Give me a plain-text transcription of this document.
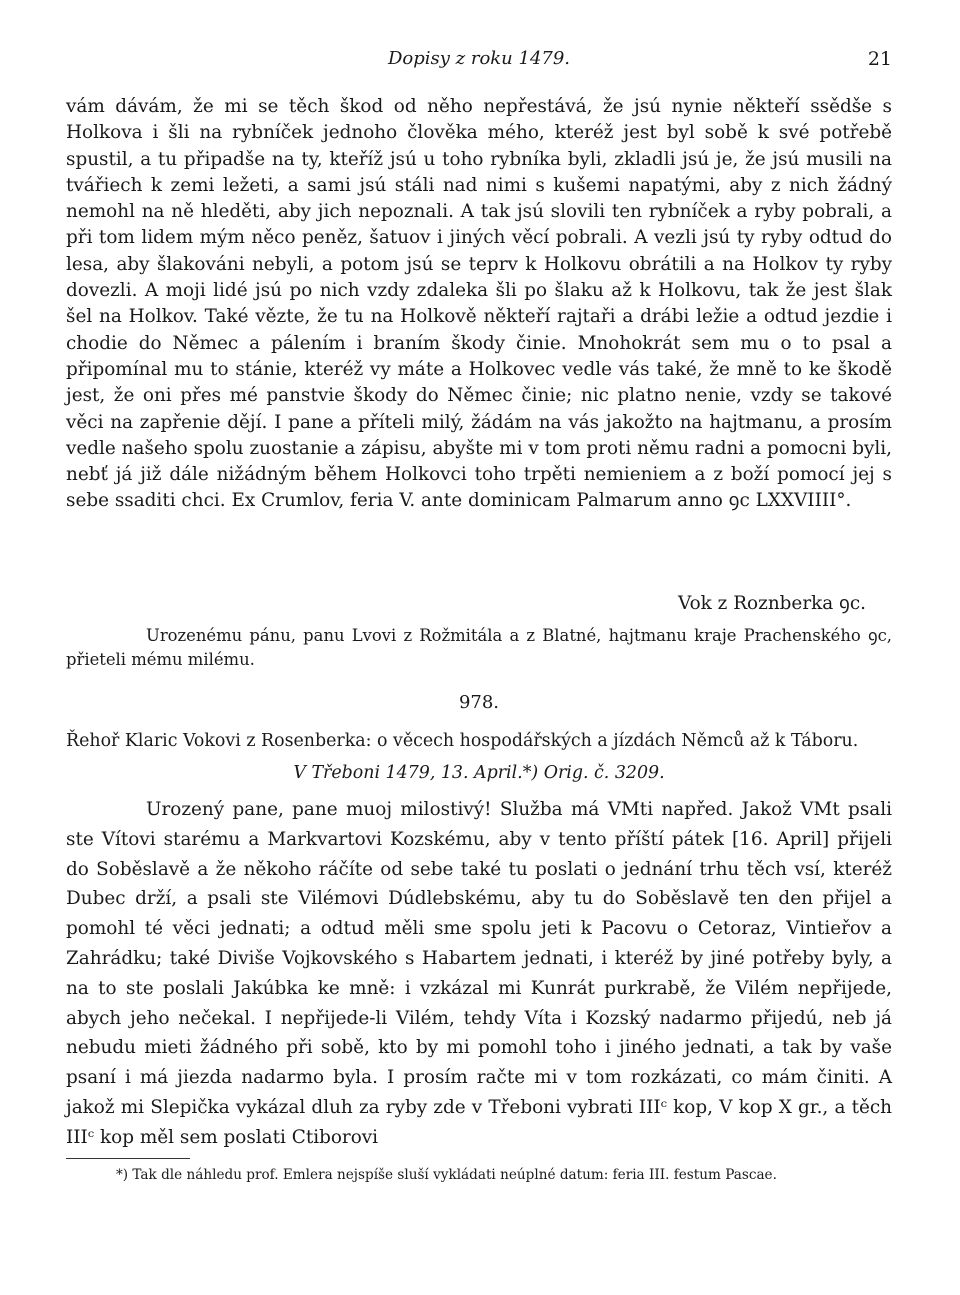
Dopisy z roku 1479.	21
vám dávám, že mi se těch škod od něho nepřestává, že jsú nynie někteří ssědše s Holkova i šli na rybníček jednoho člověka mého, kteréž jest byl sobě k své potřebě spustil, a tu připadše na ty, kteříž jsú u toho rybníka byli, zkladli jsú je, že jsú musili na tvářiech k zemi ležeti, a sami jsú stáli nad nimi s kušemi napatými, aby z nich žádný nemohl na ně hleděti, aby jich nepoznali. A tak jsú slovili ten rybníček a ryby pobrali, a při tom lidem mým něco peněz, šatuov i jiných věcí pobrali. A vezli jsú ty ryby odtud do lesa, aby šlakováni nebyli, a potom jsú se teprv k Holkovu obrátili a na Holkov ty ryby dovezli. A moji lidé jsú po nich vzdy zdaleka šli po šlaku až k Holkovu, tak že jest šlak šel na Holkov. Také vězte, že tu na Holkově někteří rajtaři a drábi ležie a odtud jezdie i chodie do Němec a pálením i braním škody činie. Mnohokrát sem mu o to psal a připomínal mu to stánie, kteréž vy máte a Holkovec vedle vás také, že mně to ke škodě jest, že oni přes mé panstvie škody do Němec činie; nic platno nenie, vzdy se takové věci na zapřenie dějí. I pane a příteli milý, žádám na vás jakožto na hajtmanu, a prosím vedle našeho spolu zuostanie a zápisu, abyšte mi v tom proti němu radni a pomocni byli, nebť já již dále nižádným během Holkovci toho trpěti nemieniem a z boží pomocí jej s sebe ssaditi chci. Ex Crumlov, feria V. ante dominicam Palmarum anno ꝯc LXXVIIII°.
Vok z Roznberka ꝯc.
Urozenému pánu, panu Lvovi z Rožmitála a z Blatné, hajtmanu kraje Prachenského ꝯc, přieteli mému milému.
978.
Řehoř Klaric Vokovi z Rosenberka: o věcech hospodářských a jízdách Němců až k Táboru.
V Třeboni 1479, 13. April.*) Orig. č. 3209.
Urozený pane, pane muoj milostivý! Služba má VMti napřed. Jakož VMt psali ste Vítovi starému a Markvartovi Kozskému, aby v tento příští pátek [16. April] přijeli do Soběslavě a že někoho ráčíte od sebe také tu poslati o jednání trhu těch vsí, kteréž Dubec drží, a psali ste Vilémovi Dúdlebskému, aby tu do Soběslavě ten den přijel a pomohl té věci jednati; a odtud měli sme spolu jeti k Pacovu o Cetoraz, Vintieřov a Zahrádku; také Diviše Vojkovského s Habartem jednati, i kteréž by jiné potřeby byly, a na to ste poslali Jakúbka ke mně: i vzkázal mi Kunrát purkrabě, že Vilém nepřijede, abych jeho nečekal. I nepřijede-li Vilém, tehdy Víta i Kozský nadarmo přijedú, neb já nebudu mieti žádného při sobě, kto by mi pomohl toho i jiného jednati, a tak by vaše psaní i má jiezda nadarmo byla. I prosím račte mi v tom rozkázati, co mám činiti. A jakož mi Slepička vykázal dluh za ryby zde v Třeboni vybrati IIIᶜ kop, V kop X gr., a těch IIIᶜ kop měl sem poslati Ctiborovi
*) Tak dle náhledu prof. Emlera nejspíše sluší vykládati neúplné datum: feria III. festum Pascae.
